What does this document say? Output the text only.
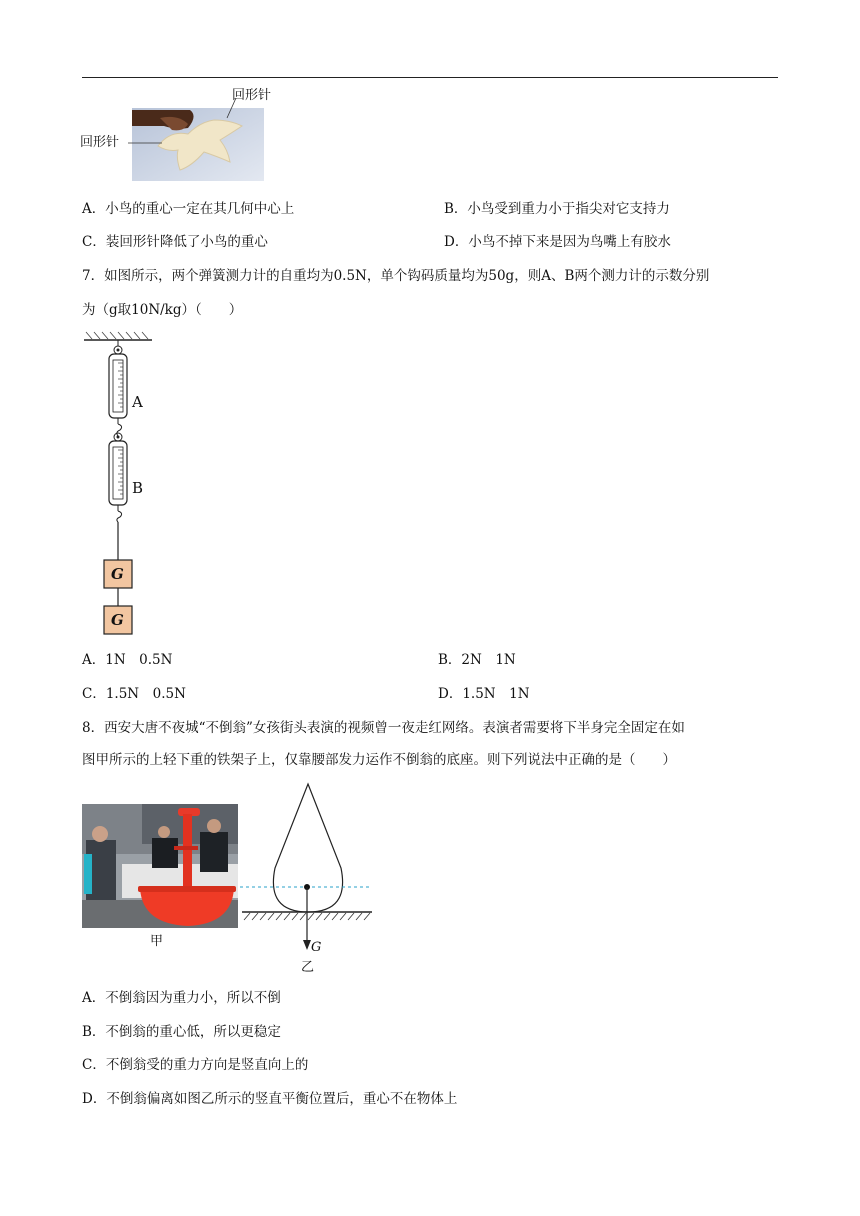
回形针
回形针
A．小鸟的重心一定在其几何中心上	B．小鸟受到重力小于指尖对它支持力
C．装回形针降低了小鸟的重心	D．小鸟不掉下来是因为鸟嘴上有胶水
7．如图所示，两个弹簧测力计的自重均为0.5N，单个钩码质量均为50g，则A、B两个测力计的示数分别
为（g取10N/kg）（　　）
A
B
G
G
A．1N　0.5N	B．2N　1N
C．1.5N　0.5N	D．1.5N　1N
8．西安大唐不夜城“不倒翁”女孩街头表演的视频曾一夜走红网络。表演者需要将下半身完全固定在如
图甲所示的上轻下重的铁架子上，仅靠腰部发力运作不倒翁的底座。则下列说法中正确的是（　　）
甲	G
乙
A．不倒翁因为重力小，所以不倒
B．不倒翁的重心低，所以更稳定
C．不倒翁受的重力方向是竖直向上的
D．不倒翁偏离如图乙所示的竖直平衡位置后，重心不在物体上
